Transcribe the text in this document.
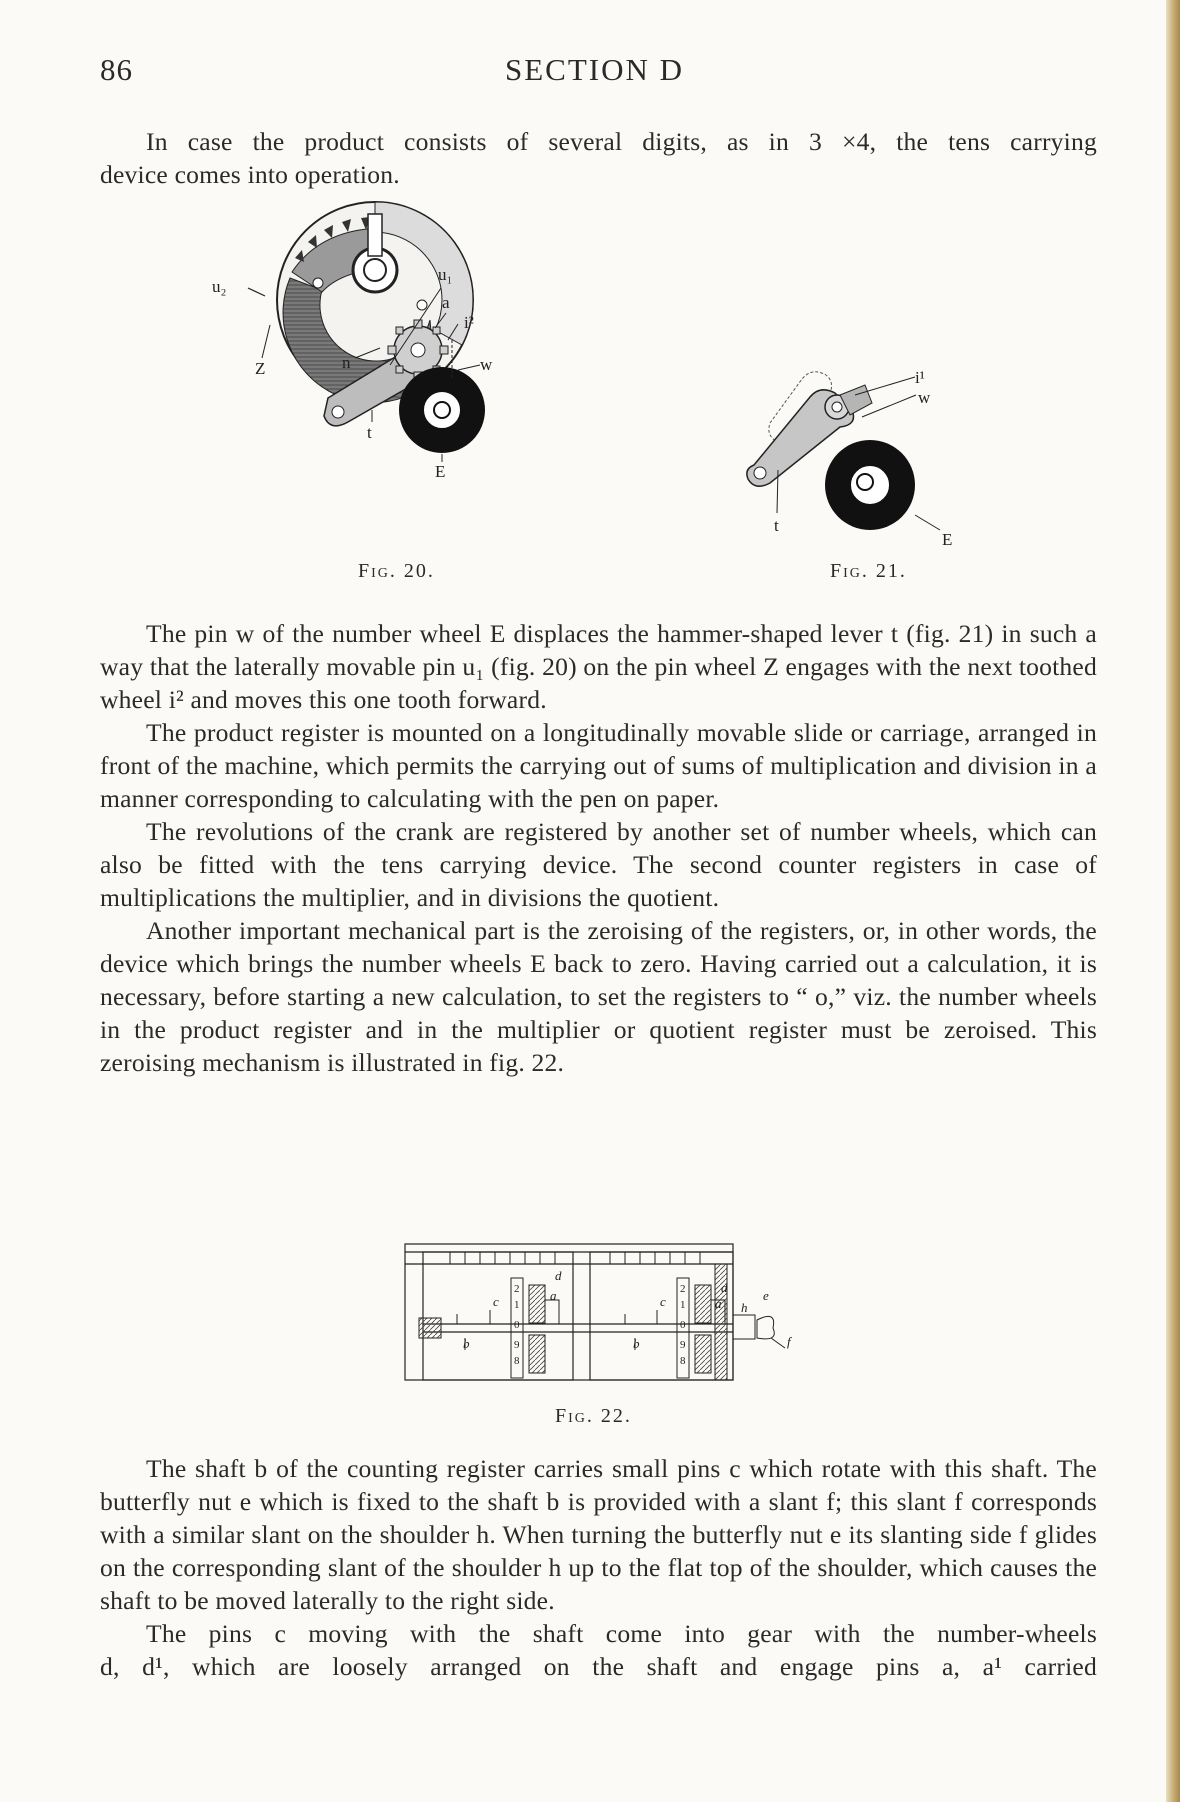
86	SECTION D

In case the product consists of several digits, as in 3 ×4, the tens carrying

device comes into operation.

u₂
u₁
a
i²
Z	n	w
t
E
Fig. 20.
i¹
w
t
E
Fig. 21.

The pin w of the number wheel E displaces the hammer-shaped lever t (fig. 21) in such a way that the laterally movable pin u₁ (fig. 20) on the pin wheel Z engages with the next toothed wheel i² and moves this one tooth forward.

The product register is mounted on a longitudinally movable slide or carriage, arranged in front of the machine, which permits the carrying out of sums of multiplication and division in a manner corresponding to calculating with the pen on paper.

The revolutions of the crank are registered by another set of number wheels, which can also be fitted with the tens carrying device. The second counter registers in case of multiplications the multiplier, and in divisions the quotient.

Another important mechanical part is the zeroising of the registers, or, in other words, the device which brings the number wheels E back to zero. Having carried out a calculation, it is necessary, before starting a new calculation, to set the registers to “ o,” viz. the number wheels in the product register and in the multiplier or quotient register must be zeroised. This zeroising mechanism is illustrated in fig. 22.

2
1
0
9
8
2
1
0
9
8
d
a
c
b
d
a
c
b
h
e
f
Fig. 22.

The shaft b of the counting register carries small pins c which rotate with this shaft. The butterfly nut e which is fixed to the shaft b is provided with a slant f; this slant f corresponds with a similar slant on the shoulder h. When turning the butterfly nut e its slanting side f glides on the corresponding slant of the shoulder h up to the flat top of the shoulder, which causes the shaft to be moved laterally to the right side.

The pins c moving with the shaft come into gear with the number-wheels

d, d¹, which are loosely arranged on the shaft and engage pins a, a¹ carried
